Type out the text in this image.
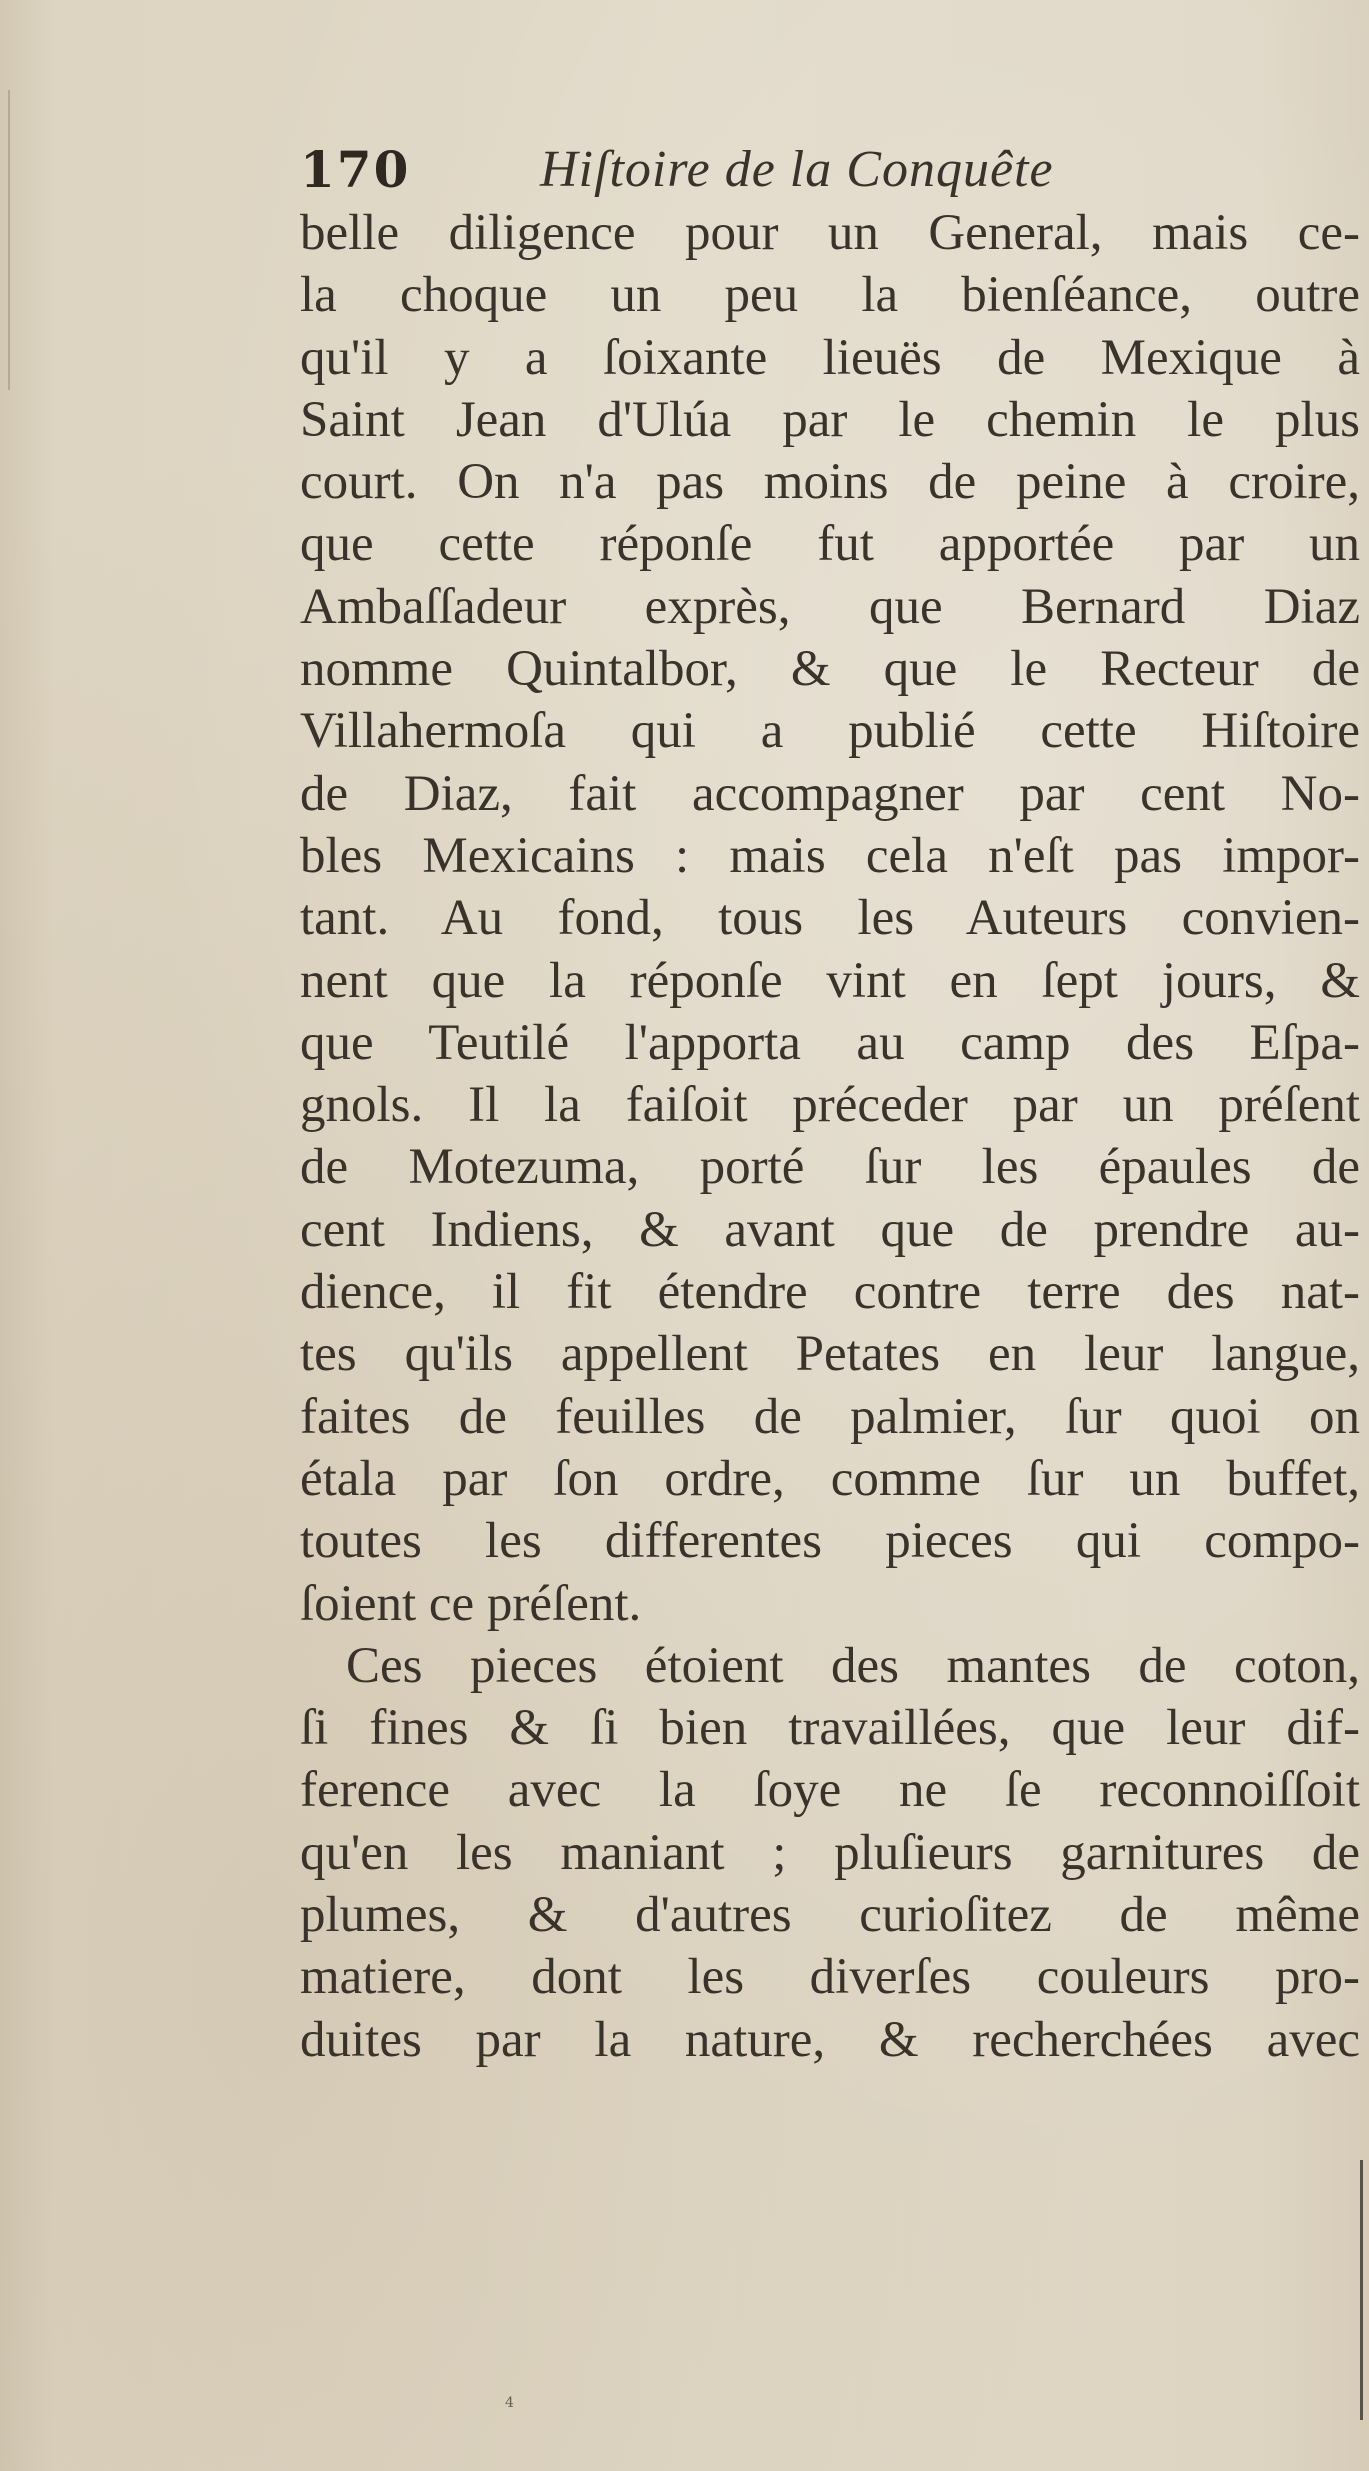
170 Hiſtoire de la Conquête
belle diligence pour un General, mais ce-
la choque un peu la bienſéance, outre
qu'il y a ſoixante lieuës de Mexique à
Saint Jean d'Ulúa par le chemin le plus
court. On n'a pas moins de peine à croire,
que cette réponſe fut apportée par un
Ambaſſadeur exprès, que Bernard Diaz
nomme Quintalbor, & que le Recteur de
Villahermoſa qui a publié cette Hiſtoire
de Diaz, fait accompagner par cent No-
bles Mexicains : mais cela n'eſt pas impor-
tant. Au fond, tous les Auteurs convien-
nent que la réponſe vint en ſept jours, &
que Teutilé l'apporta au camp des Eſpa-
gnols. Il la faiſoit préceder par un préſent
de Motezuma, porté ſur les épaules de
cent Indiens, & avant que de prendre au-
dience, il fit étendre contre terre des nat-
tes qu'ils appellent Petates en leur langue,
faites de feuilles de palmier, ſur quoi on
étala par ſon ordre, comme ſur un buffet,
toutes les differentes pieces qui compo-
ſoient ce préſent.
Ces pieces étoient des mantes de coton,
ſi fines & ſi bien travaillées, que leur dif-
ference avec la ſoye ne ſe reconnoiſſoit
qu'en les maniant ; pluſieurs garnitures de
plumes, & d'autres curioſitez de même
matiere, dont les diverſes couleurs pro-
duites par la nature, & recherchées avec
4
